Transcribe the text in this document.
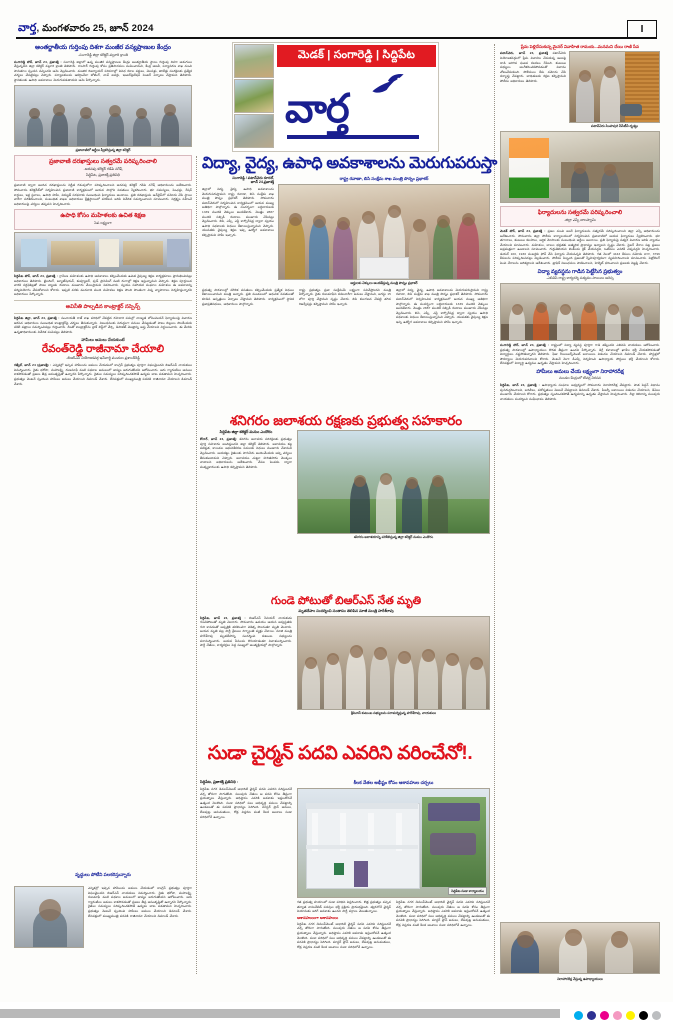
వార్త, మంగళవారం 25, జూన్ 2024	I
మెడక్ | సంగారెడ్డి | సిద్దిపేట
వార్త
అంతర్జాతీయ గుర్తింపు దిశగా మంజీర వన్యప్రాణుల కేంద్రం
-సంగారెడ్డి జిల్లా కలెక్టర్ వల్లూరి క్రాంతి
సంగారెడ్డి టౌన్, జూన్ 24, ప్రజాశక్తి : సంగారెడ్డి జిల్లాలో ఉన్న మంజీర వన్యప్రాణుల కేంద్రం అంతర్జాతీయ స్థాయి గుర్తింపు దిశగా అడుగులు వేస్తున్నదని జిల్లా కలెక్టర్ వల్లూరి క్రాంతి తెలిపారు. రాంసార్ గుర్తింపు కోసం ప్రతిపాదనలు పంపించామని, కేంద్ర అటవీ, పర్యావరణ శాఖ నుంచి సానుకూల స్పందన వచ్చిందని ఆమె వెల్లడించారు. మంజీర రిజర్వాయర్ పరిసరాల్లో వివిధ రకాల పక్షులు, మొసళ్లు, తాబేళ్లు సంరక్షణకు ప్రత్యేక చర్యలు చేపట్టినట్లు చెప్పారు. పర్యాటకులను ఆకర్షించేలా బోటింగ్, వాచ్ టవర్లు, ఇంటర్‌ప్రెటేషన్ సెంటర్ ఏర్పాటు చేస్తామని తెలిపారు. స్థానికులకు ఉపాధి అవకాశాలు మెరుగుపడతాయని ఆమె పేర్కొన్నారు.
ప్రజావాణిలో అర్జీలు స్వీకరిస్తున్న జిల్లా కలెక్టర్
ప్రజావాణి దరఖాస్తులు సత్వరమే పరిష్కరించాలి
-అదనపు కలెక్టర్ గడిపె నగేష్
సిద్దిపేట, ప్రజాశక్తి ప్రతినిధి
ప్రజావాణి ద్వారా అందిన దరఖాస్తులను నిర్ణీత గడువులోగా పరిష్కరించాలని అదనపు కలెక్టర్ గడిపె నగేష్ అధికారులను ఆదేశించారు. సోమవారం కలెక్టరేట్‌లో నిర్వహించిన ప్రజావాణి కార్యక్రమంలో ఆయన పాల్గొని వినతులు స్వీకరించారు. భూ సమస్యలు, పింఛన్లు, రేషన్ కార్డులు, ఇళ్ల స్థలాలు, ఉపాధి హామీ, విద్యుత్ సరఫరాకు సంబంధించి ఫిర్యాదులు అందాయి. ప్రతి దరఖాస్తును ఆన్‌లైన్‌లో నమోదు చేసి స్థాయి వారీగా పరిశీలించాలని, సంబంధిత శాఖల అధికారులు క్షేత్రస్థాయిలో పరిశీలన జరిపి నివేదిక సమర్పించాలని సూచించారు. నిర్లక్ష్యం వహించే అధికారులపై చర్యలు తప్పవని హెచ్చరించారు.
ఉపాధి కోసం మహిళలకు ఉచిత శిక్షణ
సెప లక్ష్యంగా
సిద్దిపేట టౌన్, జూన్ 24, ప్రజాశక్తి : గ్రామీణ మహిళలకు ఉపాధి అవకాశాలు కల్పించేందుకు ఉచిత నైపుణ్య శిక్షణ కార్యక్రమాలు ప్రారంభించినట్లు అధికారులు తెలిపారు. టైలరింగ్, బ్యూటీషియన్, కంప్యూటర్, ఫుడ్ ప్రాసెసింగ్ వంటి రంగాల్లో శిక్షణ ఇస్తున్నామని చెప్పారు. శిక్షణ పూర్తయిన వారికి సర్టిఫికెట్లతో పాటు బ్యాంకు రుణాలు మంజూరు చేయిస్తామని వివరించారు. స్వయం సహాయక సంఘాల మహిళలు ఈ అవకాశాన్ని సద్వినియోగం చేసుకోవాలని కోరారు. ఇప్పటి వరకు వందలాది మంది మహిళలు శిక్షణ పొంది సొంతంగా చిన్న వ్యాపారాలు నిర్వహిస్తున్నారని అధికారులు పేర్కొన్నారు.
అవినీతి పాల్పడిన కాంట్రాక్టర్ సస్పెన్స్
సిద్దిపేట జిల్లా, జూన్ 24, ప్రజాశక్తి : పంచాయతీ రాజ్ శాఖ పరిధిలో చేపట్టిన రహదారి పనుల్లో నాణ్యత లోపించిందనే ఫిర్యాదులపై విచారణ జరిపిన అధికారులు సంబంధిత కాంట్రాక్టర్‌పై చర్యలు తీసుకున్నారు. నిబంధనలకు విరుద్ధంగా పనులు చేపట్టడంతో పాటు బిల్లులు పొందేందుకు నకిలీ పత్రాలు సమర్పించినట్లు గుర్తించారు. దీంతో కాంట్రాక్టర్‌ను బ్లాక్ లిస్ట్‌లో చేర్చి, డిపాజిట్ మొత్తాన్ని జప్తు చేయాలని నిర్ణయించారు. ఈ మేరకు ఉన్నతాధికారులకు నివేదిక పంపినట్లు తెలిపారు.
హామీలు అమలు చేయకుంటే
రేవంత్‌రెడ్డి రాజీనామా చేయాలి
-బిఆర్ఎస్ నియోజకవర్గ ఇన్‌చార్జి మందుల ప్రశాంత్‌రెడ్డి
గజ్వేల్, జూన్ 24 (ప్రజాశక్తి) : ఎన్నికల్లో ఇచ్చిన హామీలను అమలు చేయడంలో కాంగ్రెస్ ప్రభుత్వం పూర్తిగా విఫలమైందని బిఆర్ఎస్ నాయకులు విమర్శించారు. రైతు భరోసా, మహాలక్ష్మి, రుణమాఫీ వంటి పథకాల అమలులో జాప్యం జరుగుతోందని ఆరోపించారు. ఆరు గ్యారంటీలు అమలు కాకపోవడంతో ప్రజలు తీవ్ర అసంతృప్తితో ఉన్నారని పేర్కొన్నారు. రైతుల సమస్యలు పరిష్కరించకపోతే ఉద్యమ బాట పడతామని హెచ్చరించారు. ప్రభుత్వం వెంటనే స్పందించి హామీలు అమలు చేయాలని డిమాండ్ చేశారు. లేనిపక్షంలో ముఖ్యమంత్రి పదవికి రాజీనామా చేయాలని డిమాండ్ చేశారు.
వృద్ధులు పోటీని పలకరిస్తున్నారు
ఎన్నికల్లో ఇచ్చిన హామీలను అమలు చేయడంలో కాంగ్రెస్ ప్రభుత్వం పూర్తిగా విఫలమైందని బిఆర్ఎస్ నాయకులు విమర్శించారు. రైతు భరోసా, మహాలక్ష్మి, రుణమాఫీ వంటి పథకాల అమలులో జాప్యం జరుగుతోందని ఆరోపించారు. ఆరు గ్యారంటీలు అమలు కాకపోవడంతో ప్రజలు తీవ్ర అసంతృప్తితో ఉన్నారని పేర్కొన్నారు. రైతుల సమస్యలు పరిష్కరించకపోతే ఉద్యమ బాట పడతామని హెచ్చరించారు. ప్రభుత్వం వెంటనే స్పందించి హామీలు అమలు చేయాలని డిమాండ్ చేశారు. లేనిపక్షంలో ముఖ్యమంత్రి పదవికి రాజీనామా చేయాలని డిమాండ్ చేశారు.
విద్యా, వైద్య, ఉపాధి అవకాశాలను మెరుగుపరుస్తా
సంగారెడ్డి / పటాన్‌చెరు రూరల్,
జూన్ 24,ప్రజాశక్తి
జిల్లాలో విద్య, వైద్య, ఉపాధి అవకాశాలను మెరుగుపరుస్తామని రాష్ట్ర రవాణా, బిసి సంక్షేమ శాఖ మంత్రి పొన్నం ప్రభాకర్ తెలిపారు. సోమవారం పటాన్‌చెరులో నిర్వహించిన కార్యక్రమంలో ఆయన ముఖ్య అతిథిగా పాల్గొన్నారు. ఈ సందర్భంగా లబ్ధిదారులకు 1339 మందికి చెక్కులు అందజేశారు. మొత్తం 2887 మందికి సబ్సిడీ రుణాలు మంజూరు చేసినట్లు వెల్లడించారు. బిసి, ఎస్సీ, ఎస్టీ కార్పొరేషన్ల ద్వారా స్వయం ఉపాధి పథకాలకు నిధులు కేటాయిస్తున్నామని చెప్పారు. యువతకు నైపుణ్య శిక్షణ ఇచ్చి ఉద్యోగ అవకాశాలు కల్పిస్తామని హామీ ఇచ్చారు.
రాష్ట్ర రవాణా, బిసి సంక్షేమ శాఖ మంత్రి పొన్నం ప్రభాకర్
అర్హులకు చెక్కులు అందజేస్తున్న మంత్రి పొన్నం ప్రభాకర్
ప్రభుత్వ పాఠశాలల్లో మౌలిక వసతులు కల్పించేందుకు ప్రత్యేక నిధులు కేటాయించామని మంత్రి అన్నారు. ప్రతి మండలంలో ఆధునిక వసతులతో కూడిన ఆస్పత్రులు ఏర్పాటు చేస్తామని తెలిపారు. కార్యక్రమంలో స్థానిక ప్రజాప్రతినిధులు, అధికారులు పాల్గొన్నారు.
రాష్ట్ర ప్రభుత్వం ప్రజా సంక్షేమమే లక్ష్యంగా పనిచేస్తోందని మంత్రి పేర్కొన్నారు. రైతు రుణమాఫీని దశలవారీగా అమలు చేస్తామని, ఆగస్టు 15 లోగా పూర్తి చేస్తామని స్పష్టం చేశారు. బిసి కులగణన చేపట్టి తగిన రిజర్వేషన్లు కల్పిస్తామని హామీ ఇచ్చారు.
జిల్లాలో విద్య, వైద్య, ఉపాధి అవకాశాలను మెరుగుపరుస్తామని రాష్ట్ర రవాణా, బిసి సంక్షేమ శాఖ మంత్రి పొన్నం ప్రభాకర్ తెలిపారు. సోమవారం పటాన్‌చెరులో నిర్వహించిన కార్యక్రమంలో ఆయన ముఖ్య అతిథిగా పాల్గొన్నారు. ఈ సందర్భంగా లబ్ధిదారులకు 1339 మందికి చెక్కులు అందజేశారు. మొత్తం 2887 మందికి సబ్సిడీ రుణాలు మంజూరు చేసినట్లు వెల్లడించారు. బిసి, ఎస్సీ, ఎస్టీ కార్పొరేషన్ల ద్వారా స్వయం ఉపాధి పథకాలకు నిధులు కేటాయిస్తున్నామని చెప్పారు. యువతకు నైపుణ్య శిక్షణ ఇచ్చి ఉద్యోగ అవకాశాలు కల్పిస్తామని హామీ ఇచ్చారు.
శనిగరం జలాశయ రక్షణకు ప్రభుత్వ సహకారం
సిద్దిపేట జిల్లా కలెక్టర్ మనుం ఎందొరం
కోనార్, జూన్ 24, ప్రజాశక్తి: శనిగరం జలాశయ పరిరక్షణకు ప్రభుత్వం పూర్తి సహకారం అందిస్తుందని జిల్లా కలెక్టర్ తెలిపారు. జలాశయం కట్ట పటిష్ఠత, కాలువల ఆధునికీకరణ పనులకు నిధులు మంజూరు చేశామని వెల్లడించారు. ఆయకట్టు రైతులకు సాగునీరు అందించేందుకు అన్ని చర్యలు తీసుకుంటామని చెప్పారు. జలాశయం చుట్టూ హరితహారం మొక్కలు నాటాలని అధికారులను ఆదేశించారు. చేపల పెంపకం ద్వారా మత్స్యకారులకు ఉపాధి కల్పిస్తామని తెలిపారు.
శనిగరం జలాశయాన్ని పరిశీలిస్తున్న జిల్లా కలెక్టర్ మనుం ఎందొరం
గుండె పోటుతో బిఆర్ఎస్ నేత మృతి
మృతదేహం సందర్శించి సంతాపం తెలిపిన మాజీ మంత్రి హరీశ్‌రావు
సిద్దిపేట, జూన్ 24, ప్రజాశక్తి : బిఆర్ఎస్ సీనియర్ నాయకుడు గుండెపోటుతో మృతి చెందారు. సోమవారం ఉదయం ఆయన అస్వస్థతకు గురి కావడంతో ఆస్పత్రికి తరలించగా చికిత్స పొందుతూ మృతి చెందారు. ఆయన మృతి పట్ల పార్టీ శ్రేణులు దిగ్భ్రాంతి వ్యక్తం చేశాయి. మాజీ మంత్రి హరీశ్‌రావు మృతదేహాన్ని సందర్శించి కుటుంబ సభ్యులను పరామర్శించారు. ఆయన సేవలను కొనియాడుతూ నివాళులర్పించారు. పార్టీ నేతలు, కార్యకర్తలు పెద్ద సంఖ్యలో అంత్యక్రియల్లో పాల్గొన్నారు.
శ్రీనివాస్ కుటుంబ సభ్యులను పరామర్శిస్తున్న హరీశ్‌రావు, నాయకులు
సుడా చైర్మన్ పదవి ఎవరిని వరించేనో!.
సిద్దిపేట, ప్రజాశక్తి ప్రతినిధి :
సిద్దిపేట నగర డెవలప్‌మెంట్ అథారిటీ చైర్మన్ పదవి ఎవరిని వరిస్తుందనే చర్చ జోరుగా సాగుతోంది. పలువురు నేతలు ఆ పదవి కోసం తీవ్రంగా ప్రయత్నాలు చేస్తున్నారు. అధిష్ఠానం ఎవరికి అవకాశం ఇస్తుందోననే ఉత్కంఠ నెలకొంది. సుడా పరిధిలో పలు అభివృద్ధి పనులు చేపట్టాల్సి ఉండటంతో ఈ పదవికి ప్రాధాన్యం పెరిగింది. మాస్టర్ ప్లాన్ అమలు, లేఅవుట్ల అనుమతులు, రోడ్ల విస్తరణ వంటి కీలక అంశాలు సుడా పరిధిలోనే ఉన్నాయి.
కీలక నేతల అభీష్టం కోసం ఆశావహుల చర్చలు
సిద్దిపేట సుడా కార్యాలయం
గత ప్రభుత్వ హయాంలో సుడా పరిధిని విస్తరించారు. కొత్త ప్రభుత్వం వచ్చిన తర్వాత నామినేటెడ్ పదవుల భర్తీ ప్రక్రియ ప్రారంభమైంది. త్వరలోనే చైర్మన్ నియామకం జరిగే అవకాశం ఉందని పార్టీ వర్గాలు చెబుతున్నాయి.
ఆశావహులుగా ఆశావహులు
సిద్దిపేట నగర డెవలప్‌మెంట్ అథారిటీ చైర్మన్ పదవి ఎవరిని వరిస్తుందనే చర్చ జోరుగా సాగుతోంది. పలువురు నేతలు ఆ పదవి కోసం తీవ్రంగా ప్రయత్నాలు చేస్తున్నారు. అధిష్ఠానం ఎవరికి అవకాశం ఇస్తుందోననే ఉత్కంఠ నెలకొంది. సుడా పరిధిలో పలు అభివృద్ధి పనులు చేపట్టాల్సి ఉండటంతో ఈ పదవికి ప్రాధాన్యం పెరిగింది. మాస్టర్ ప్లాన్ అమలు, లేఅవుట్ల అనుమతులు, రోడ్ల విస్తరణ వంటి కీలక అంశాలు సుడా పరిధిలోనే ఉన్నాయి.
సిద్దిపేట నగర డెవలప్‌మెంట్ అథారిటీ చైర్మన్ పదవి ఎవరిని వరిస్తుందనే చర్చ జోరుగా సాగుతోంది. పలువురు నేతలు ఆ పదవి కోసం తీవ్రంగా ప్రయత్నాలు చేస్తున్నారు. అధిష్ఠానం ఎవరికి అవకాశం ఇస్తుందోననే ఉత్కంఠ నెలకొంది. సుడా పరిధిలో పలు అభివృద్ధి పనులు చేపట్టాల్సి ఉండటంతో ఈ పదవికి ప్రాధాన్యం పెరిగింది. మాస్టర్ ప్లాన్ అమలు, లేఅవుట్ల అనుమతులు, రోడ్ల విస్తరణ వంటి కీలక అంశాలు సుడా పరిధిలోనే ఉన్నాయి.
ప్రేమ పెళ్లిచేసుకున్న మైనర్ వివాహిత రామయ...మనమని చేయి రాణి సేవ
పటాన్‌చెరు, జూన్ 24, ప్రజాశక్తి పటాన్‌చెరు నియోజకవర్గంలో ప్రేమ వివాహం చేసుకున్న జంటపై దాడి జరిగిన ఘటన కలకలం రేపింది. కుటుంబ సభ్యులు అంగీకరించకపోవడంతో వివాదం చోటుచేసుకుంది. పోలీసులు కేసు నమోదు చేసి దర్యాప్తు చేపట్టారు. బాధితులకు రక్షణ కల్పిస్తామని పోలీసు అధికారులు తెలిపారు.
పటాన్‌చెరు సింహపురి సీసీటీవీ దృశ్యం
ఫిర్యాదులను సత్వరమే పరిష్కరించాలి
-జిల్లా ఎస్పీ బాలస్వామి
మెడక్ టౌన్, జూన్ 24, ప్రజాశక్తి : ప్రజల నుంచి అందే ఫిర్యాదులను సత్వరమే పరిష్కరించాలని జిల్లా ఎస్పీ అధికారులను ఆదేశించారు. సోమవారం జిల్లా పోలీసు కార్యాలయంలో నిర్వహించిన ప్రజావాణిలో ఆయన ఫిర్యాదులు స్వీకరించారు. భూ తగాదాలు, కుటుంబ కలహాలు, ఆర్థిక మోసాలకు సంబంధించి అర్జీలు అందాయి. ప్రతి ఫిర్యాదుపై సత్వర విచారణ జరిపి న్యాయం చేయాలని సూచించారు. మహిళలు, బాలల భద్రతకు అత్యధిక ప్రాధాన్యం ఇవ్వాలని స్పష్టం చేశారు. సైబర్ నేరాల పట్ల ప్రజలు అప్రమత్తంగా ఉండాలని సూచించారు. గుర్తుతెలియని లింక్‌లను క్లిక్ చేయవద్దని, ఓటీపీలు ఎవరికీ చెప్పవద్దని హెచ్చరించారు. డయల్ 100, 1930 నంబర్లకు ఫోన్ చేసి ఫిర్యాదు చేయవచ్చని తెలిపారు. గత నెలలో 4443 కేసులు నమోదు కాగా, 3796 కేసులను పరిష్కరించినట్లు వెల్లడించారు. పోలీసు సిబ్బంది ప్రజలతో స్నేహపూర్వకంగా వ్యవహరించాలని సూచించారు. పెట్రోలింగ్ పెంచి నేరాలను అరికట్టాలని ఆదేశించారు. ట్రాఫిక్ నిబంధనలు పాటించాలని, హెల్మెట్ ధరించాలని ప్రజలకు విజ్ఞప్తి చేశారు.
విద్యా వ్యవస్థను గాడిన పెట్టేసిన ప్రభుత్వం
-ఎబివిపి రాష్ట్ర కార్యదర్శి సత్యము సాయిలు ఆరెస్స
సంగారెడ్డి టౌన్, జూన్ 24, ప్రజాశక్తి : రాష్ట్రంలో విద్యా వ్యవస్థ పూర్తిగా గాడి తప్పిందని ఎబివిపి నాయకులు ఆరోపించారు. ప్రభుత్వ పాఠశాలల్లో ఉపాధ్యాయుల కొరత తీవ్రంగా ఉందని పేర్కొన్నారు. డిగ్రీ కళాశాలల్లో ఖాళీల భర్తీ చేయకపోవడంతో విద్యార్థులు నష్టపోతున్నారని తెలిపారు. ఫీజు రీయింబర్స్‌మెంట్ బకాయిలు విడుదల చేయాలని డిమాండ్ చేశారు. హాస్టళ్లలో సౌకర్యాలు మెరుగుపరచాలని కోరారు. వెంటనే మెగా డీఎస్సీ నిర్వహించి ఉపాధ్యాయ పోస్టులు భర్తీ చేయాలని కోరారు. లేనిపక్షంలో విద్యార్థి ఉద్యమం ఉధృతం చేస్తామని హెచ్చరించారు.
హామీలు అమలు చేయ లక్ష్యంగా నిరాహారదీక్ష
మండల కేంద్రంలో టీచర్ల నిరసన
సిద్దిపేట, జూన్ 24, ప్రజాశక్తి : ఉపాధ్యాయ సంఘాల ఆధ్వర్యంలో సోమవారం నిరాహారదీక్ష చేపట్టారు. పాత పెన్షన్ విధానం పునరుద్ధరించాలని, బదిలీలు, పదోన్నతులు వెంటనే చేపట్టాలని డిమాండ్ చేశారు. పీఆర్సీ బకాయిలు విడుదల చేయాలని, డీఏలు మంజూరు చేయాలని కోరారు. ప్రభుత్వం స్పందించకపోతే ఉద్యమాన్ని ఉధృతం చేస్తామని హెచ్చరించారు. దీక్షా శిబిరాన్ని పలువురు నాయకులు సందర్శించి సంఘీభావం తెలిపారు.
నిరాహారదీక్ష చేస్తున్న ఉపాధ్యాయులు
